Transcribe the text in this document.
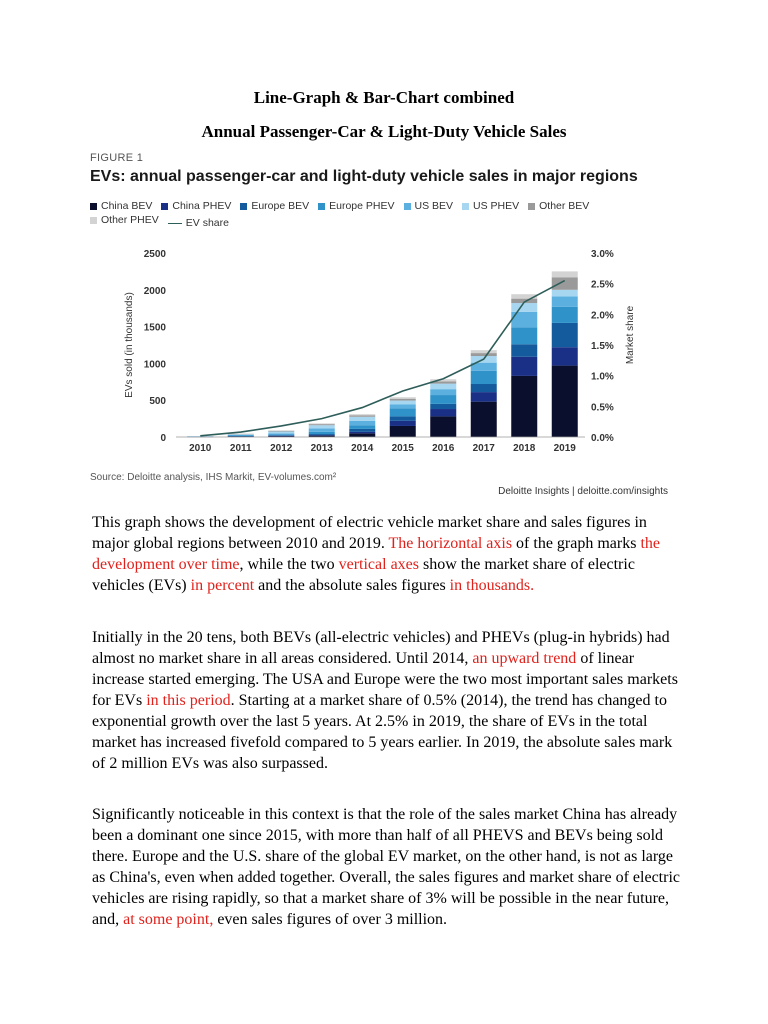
Line-Graph & Bar-Chart combined
Annual Passenger-Car & Light-Duty Vehicle Sales
FIGURE 1
EVs: annual passenger-car and light-duty vehicle sales in major regions
China BEV China PHEV Europe BEV Europe PHEV US BEV US PHEV Other BEV
Other PHEV	EV share
0
500
1000
1500
2000
2500
0.0%
0.5%
1.0%
1.5%
2.0%
2.5%
3.0%
EVs sold (in thousands)	Market share
2010 2011 2012 2013 2014 2015 2016 2017 2018 2019
Source: Deloitte analysis, IHS Markit, EV-volumes.com²
Deloitte Insights | deloitte.com/insights

This graph shows the development of electric vehicle market share and sales figures in major global regions between 2010 and 2019. The horizontal axis of the graph marks the development over time, while the two vertical axes show the market share of electric vehicles (EVs) in percent and the absolute sales figures in thousands.

Initially in the 20 tens, both BEVs (all-electric vehicles) and PHEVs (plug-in hybrids) had almost no market share in all areas considered. Until 2014, an upward trend of linear increase started emerging. The USA and Europe were the two most important sales markets for EVs in this period. Starting at a market share of 0.5% (2014), the trend has changed to exponential growth over the last 5 years. At 2.5% in 2019, the share of EVs in the total market has increased fivefold compared to 5 years earlier. In 2019, the absolute sales mark of 2 million EVs was also surpassed.

Significantly noticeable in this context is that the role of the sales market China has already been a dominant one since 2015, with more than half of all PHEVS and BEVs being sold there. Europe and the U.S. share of the global EV market, on the other hand, is not as large as China's, even when added together. Overall, the sales figures and market share of electric vehicles are rising rapidly, so that a market share of 3% will be possible in the near future, and, at some point, even sales figures of over 3 million.
